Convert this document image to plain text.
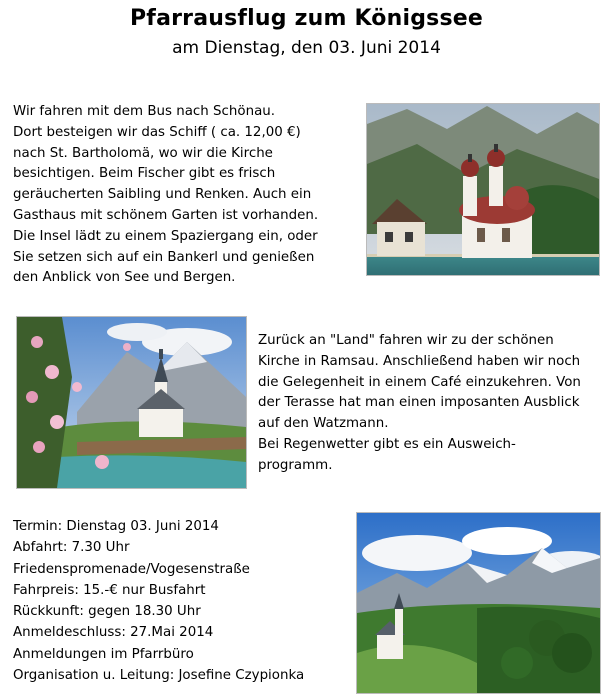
Pfarrausflug zum Königssee
am Dienstag, den 03. Juni 2014
Wir fahren mit dem Bus nach Schönau.
Dort besteigen wir das Schiff ( ca. 12,00 €)
nach St. Bartholomä, wo wir die Kirche
besichtigen. Beim Fischer gibt es frisch
geräucherten Saibling und Renken. Auch ein
Gasthaus mit schönem Garten ist vorhanden.
Die Insel lädt zu einem Spaziergang ein, oder
Sie setzen sich auf ein Bankerl und genießen
den Anblick von See und Bergen.
Zurück an "Land" fahren wir zu der schönen
Kirche in Ramsau. Anschließend haben wir noch
die Gelegenheit in einem Café einzukehren. Von
der Terasse hat man einen imposanten Ausblick
auf den Watzmann.
Bei Regenwetter gibt es ein Ausweich-
programm.
Termin: Dienstag 03. Juni 2014
Abfahrt: 7.30 Uhr
Friedenspromenade/Vogesenstraße
Fahrpreis: 15.-€ nur Busfahrt
Rückkunft: gegen 18.30 Uhr
Anmeldeschluss: 27.Mai 2014
Anmeldungen im Pfarrbüro
Organisation u. Leitung: Josefine Czypionka
